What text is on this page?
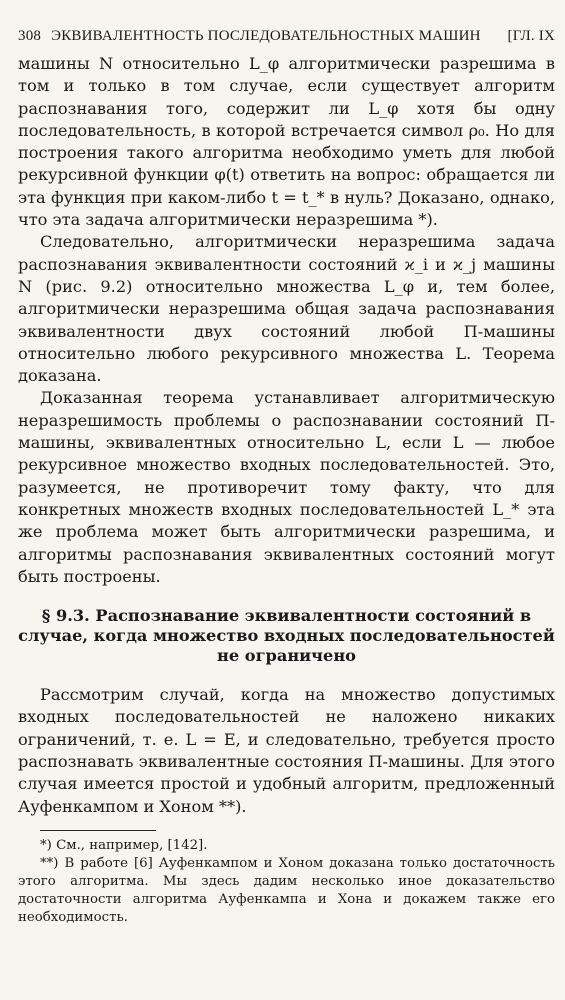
308 ЭКВИВАЛЕНТНОСТЬ ПОСЛЕДОВАТЕЛЬНОСТНЫХ МАШИН	[ГЛ. IX

машины N относительно L_φ алгоритмически разрешима в том и только в том случае, если существует алгоритм распознавания того, содержит ли L_φ хотя бы одну последовательность, в которой встречается символ ρ₀. Но для построения такого алгоритма необходимо уметь для любой рекурсивной функции φ(t) ответить на вопрос: обращается ли эта функция при каком-либо t = t_* в нуль? Доказано, однако, что эта задача алгоритмически неразрешима *).

Следовательно, алгоритмически неразрешима задача распознавания эквивалентности состояний ϰ_i и ϰ_j машины N (рис. 9.2) относительно множества L_φ и, тем более, алгоритмически неразрешима общая задача распознавания эквивалентности двух состояний любой П-машины относительно любого рекурсивного множества L. Теорема доказана.

Доказанная теорема устанавливает алгоритмическую неразрешимость проблемы о распознавании состояний П-машины, эквивалентных относительно L, если L — любое рекурсивное множество входных последовательностей. Это, разумеется, не противоречит тому факту, что для конкретных множеств входных последовательностей L_* эта же проблема может быть алгоритмически разрешима, и алгоритмы распознавания эквивалентных состояний могут быть построены.

§ 9.3. Распознавание эквивалентности состояний в случае, когда множество входных последовательностей не ограничено

Рассмотрим случай, когда на множество допустимых входных последовательностей не наложено никаких ограничений, т. е. L = E, и следовательно, требуется просто распознавать эквивалентные состояния П-машины. Для этого случая имеется простой и удобный алгоритм, предложенный Ауфенкампом и Хоном **).

*) См., например, [142].

**) В работе [6] Ауфенкампом и Хоном доказана только достаточность этого алгоритма. Мы здесь дадим несколько иное доказательство достаточности алгоритма Ауфенкампа и Хона и докажем также его необходимость.
